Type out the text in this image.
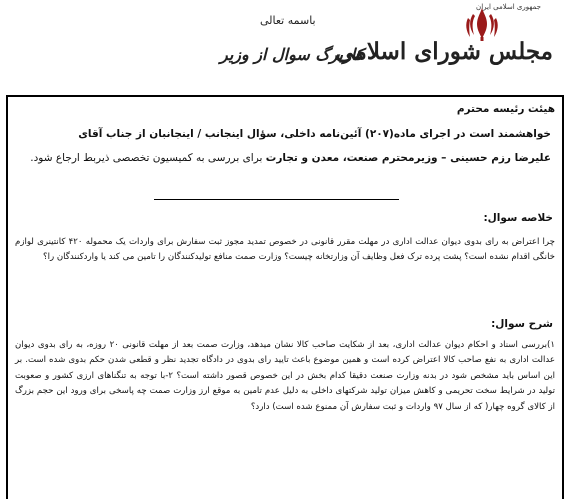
جمهوری اسلامی ایران
مجلس شورای اسلامی
باسمه تعالی
کاربرگ سوال از وزیر
هیئت رئیسه محترم
خواهشمند است در اجرای ماده(۲۰۷) آئین‌نامه داخلی، سؤال اینجانب / اینجانبان از جناب آقای
علیرضا رزم حسینی – وزیرمحترم صنعت، معدن و تجارت برای بررسی به کمیسیون تخصصی ذیربط ارجاع شود.
خلاصه سوال:
چرا اعتراض به رای بدوی دیوان عدالت اداری در مهلت مقرر قانونی در خصوص تمدید مجوز ثبت سفارش برای واردات یک محموله ۴۲۰ کانتینری لوازم خانگی اقدام نشده است؟ پشت پرده ترک فعل وظایف آن وزارتخانه چیست؟ وزارت صمت منافع تولیدکنندگان را تامین می کند یا واردکنندگان را؟
شرح سوال:
۱)بررسی اسناد و احکام دیوان عدالت اداری، بعد از شکایت صاحب کالا نشان میدهد، وزارت صمت بعد از مهلت قانونی ۲۰ روزه، به رای بدوی دیوان عدالت اداری به نفع صاحب کالا اعتراض کرده است و همین موضوع باعث تایید رای بدوی در دادگاه تجدید نظر و قطعی شدن حکم بدوی شده است. بر این اساس باید مشخص شود در بدنه وزارت صنعت دقیقا کدام بخش در این خصوص قصور داشته است؟ ۲-با توجه به تنگناهای ارزی کشور و صعوبت تولید در شرایط سخت تحریمی و کاهش میزان تولید شرکتهای داخلی به دلیل عدم تامین به موقع ارز وزارت صمت چه پاسخی برای ورود این حجم بزرگ از کالای گروه چهار( که از سال ۹۷ واردات و ثبت سفارش آن ممنوع شده است) دارد؟
